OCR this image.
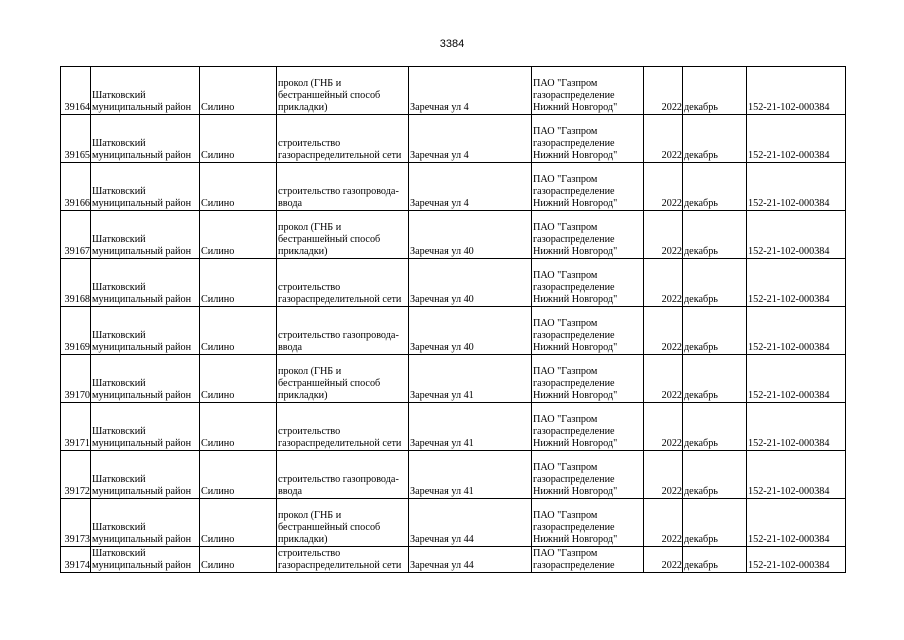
3384
39164	Шатковский
муниципальный район	Силино	прокол (ГНБ и
бестраншейный способ
прикладки)	Заречная ул 4	ПАО "Газпром
газораспределение
Нижний Новгород"	2022	декабрь	152-21-102-000384
39165	Шатковский
муниципальный район	Силино	строительство
газораспределительной сети	Заречная ул 4	ПАО "Газпром
газораспределение
Нижний Новгород"	2022	декабрь	152-21-102-000384
39166	Шатковский
муниципальный район	Силино	строительство газопровода-
ввода	Заречная ул 4	ПАО "Газпром
газораспределение
Нижний Новгород"	2022	декабрь	152-21-102-000384
39167	Шатковский
муниципальный район	Силино	прокол (ГНБ и
бестраншейный способ
прикладки)	Заречная ул 40	ПАО "Газпром
газораспределение
Нижний Новгород"	2022	декабрь	152-21-102-000384
39168	Шатковский
муниципальный район	Силино	строительство
газораспределительной сети	Заречная ул 40	ПАО "Газпром
газораспределение
Нижний Новгород"	2022	декабрь	152-21-102-000384
39169	Шатковский
муниципальный район	Силино	строительство газопровода-
ввода	Заречная ул 40	ПАО "Газпром
газораспределение
Нижний Новгород"	2022	декабрь	152-21-102-000384
39170	Шатковский
муниципальный район	Силино	прокол (ГНБ и
бестраншейный способ
прикладки)	Заречная ул 41	ПАО "Газпром
газораспределение
Нижний Новгород"	2022	декабрь	152-21-102-000384
39171	Шатковский
муниципальный район	Силино	строительство
газораспределительной сети	Заречная ул 41	ПАО "Газпром
газораспределение
Нижний Новгород"	2022	декабрь	152-21-102-000384
39172	Шатковский
муниципальный район	Силино	строительство газопровода-
ввода	Заречная ул 41	ПАО "Газпром
газораспределение
Нижний Новгород"	2022	декабрь	152-21-102-000384
39173	Шатковский
муниципальный район	Силино	прокол (ГНБ и
бестраншейный способ
прикладки)	Заречная ул 44	ПАО "Газпром
газораспределение
Нижний Новгород"	2022	декабрь	152-21-102-000384
39174	Шатковский
муниципальный район	Силино	строительство
газораспределительной сети	Заречная ул 44	ПАО "Газпром
газораспределение	2022	декабрь	152-21-102-000384
